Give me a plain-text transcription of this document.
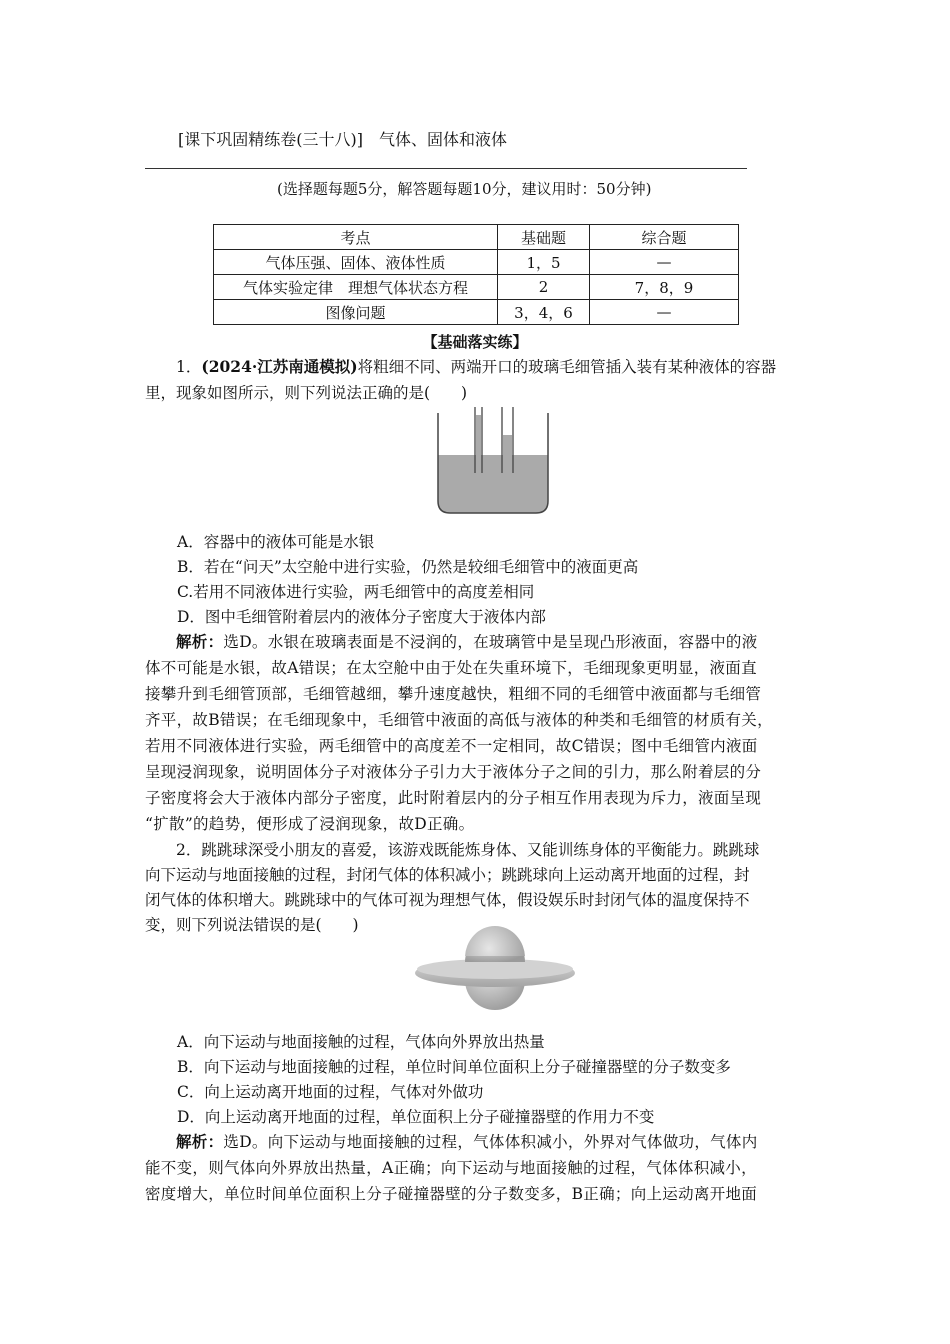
[课下巩固精练卷(三十八)]　气体、固体和液体
(选择题每题5分，解答题每题10分，建议用时：50分钟)
考点	基础题	综合题
气体压强、固体、液体性质	1，5	—
气体实验定律　理想气体状态方程	2	7，8，9
图像问题	3，4，6	—
【基础落实练】
1．(2024·江苏南通模拟)将粗细不同、两端开口的玻璃毛细管插入装有某种液体的容器
里，现象如图所示，则下列说法正确的是(　　)
A．容器中的液体可能是水银
B．若在“问天”太空舱中进行实验，仍然是较细毛细管中的液面更高
C.若用不同液体进行实验，两毛细管中的高度差相同
D．图中毛细管附着层内的液体分子密度大于液体内部
解析：选D。水银在玻璃表面是不浸润的，在玻璃管中是呈现凸形液面，容器中的液
体不可能是水银，故A错误；在太空舱中由于处在失重环境下，毛细现象更明显，液面直
接攀升到毛细管顶部，毛细管越细，攀升速度越快，粗细不同的毛细管中液面都与毛细管
齐平，故B错误；在毛细现象中，毛细管中液面的高低与液体的种类和毛细管的材质有关，
若用不同液体进行实验，两毛细管中的高度差不一定相同，故C错误；图中毛细管内液面
呈现浸润现象，说明固体分子对液体分子引力大于液体分子之间的引力，那么附着层的分
子密度将会大于液体内部分子密度，此时附着层内的分子相互作用表现为斥力，液面呈现
“扩散”的趋势，便形成了浸润现象，故D正确。
2．跳跳球深受小朋友的喜爱，该游戏既能炼身体、又能训练身体的平衡能力。跳跳球
向下运动与地面接触的过程，封闭气体的体积减小；跳跳球向上运动离开地面的过程，封
闭气体的体积增大。跳跳球中的气体可视为理想气体，假设娱乐时封闭气体的温度保持不
变，则下列说法错误的是(　　)
A．向下运动与地面接触的过程，气体向外界放出热量
B．向下运动与地面接触的过程，单位时间单位面积上分子碰撞器壁的分子数变多
C．向上运动离开地面的过程，气体对外做功
D．向上运动离开地面的过程，单位面积上分子碰撞器壁的作用力不变
解析：选D。向下运动与地面接触的过程，气体体积减小，外界对气体做功，气体内
能不变，则气体向外界放出热量，A正确；向下运动与地面接触的过程，气体体积减小，
密度增大，单位时间单位面积上分子碰撞器壁的分子数变多，B正确；向上运动离开地面
